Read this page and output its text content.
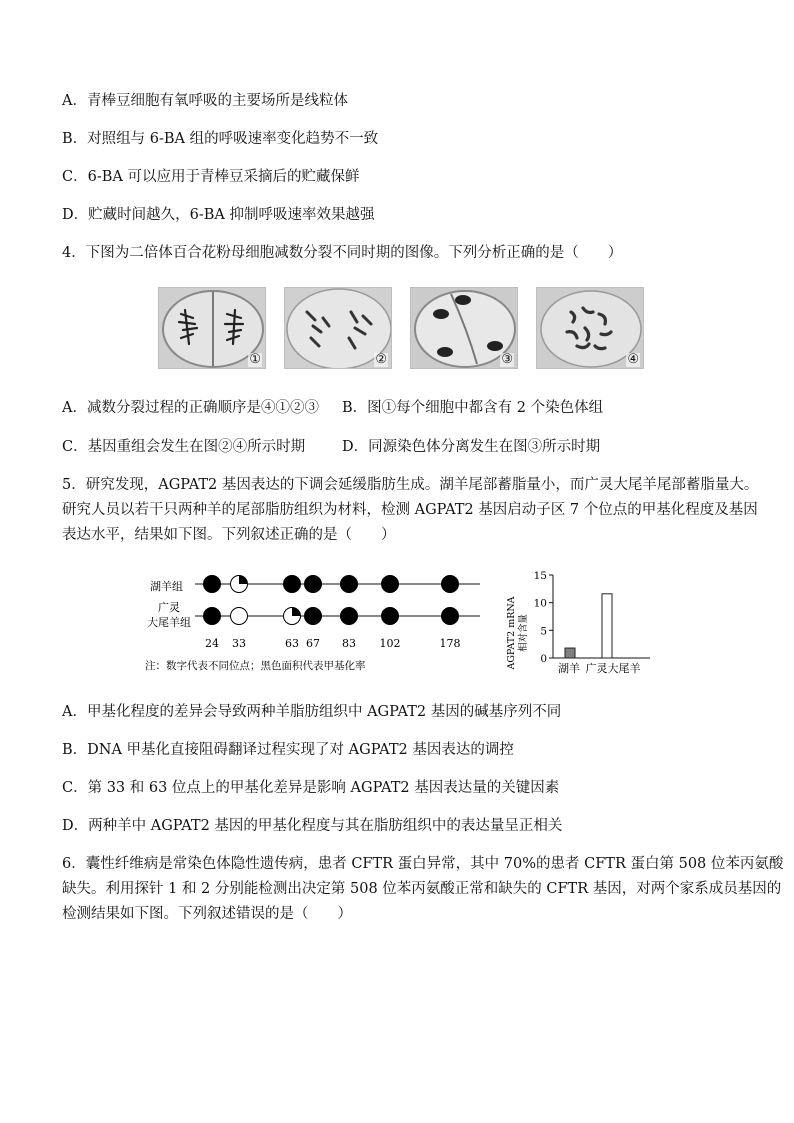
A．青棒豆细胞有氧呼吸的主要场所是线粒体
B．对照组与 6-BA 组的呼吸速率变化趋势不一致
C．6-BA 可以应用于青棒豆采摘后的贮藏保鲜
D．贮藏时间越久，6-BA 抑制呼吸速率效果越强
4．下图为二倍体百合花粉母细胞减数分裂不同时期的图像。下列分析正确的是（　　）
①	②	③	④
A．减数分裂过程的正确顺序是④①②③ B．图①每个细胞中都含有 2 个染色体组
C．基因重组会发生在图②④所示时期	D．同源染色体分离发生在图③所示时期
5．研究发现，AGPAT2 基因表达的下调会延缓脂肪生成。湖羊尾部蓄脂量小，而广灵大尾羊尾部蓄脂量大。
研究人员以若干只两种羊的尾部脂肪组织为材料，检测 AGPAT2 基因启动子区 7 个位点的甲基化程度及基因
表达水平，结果如下图。下列叙述正确的是（　　）
湖羊组
广灵
大尾羊组
24 33	63 67 83 102	178
注：数字代表不同位点；黑色面积代表甲基化率	AGPAT2 mRNA 相对含量
0
5
10
15
湖羊 广灵大尾羊
A．甲基化程度的差异会导致两种羊脂肪组织中 AGPAT2 基因的碱基序列不同
B．DNA 甲基化直接阻碍翻译过程实现了对 AGPAT2 基因表达的调控
C．第 33 和 63 位点上的甲基化差异是影响 AGPAT2 基因表达量的关键因素
D．两种羊中 AGPAT2 基因的甲基化程度与其在脂肪组织中的表达量呈正相关
6．囊性纤维病是常染色体隐性遗传病，患者 CFTR 蛋白异常，其中 70%的患者 CFTR 蛋白第 508 位苯丙氨酸
缺失。利用探针 1 和 2 分别能检测出决定第 508 位苯丙氨酸正常和缺失的 CFTR 基因，对两个家系成员基因的
检测结果如下图。下列叙述错误的是（　　）
